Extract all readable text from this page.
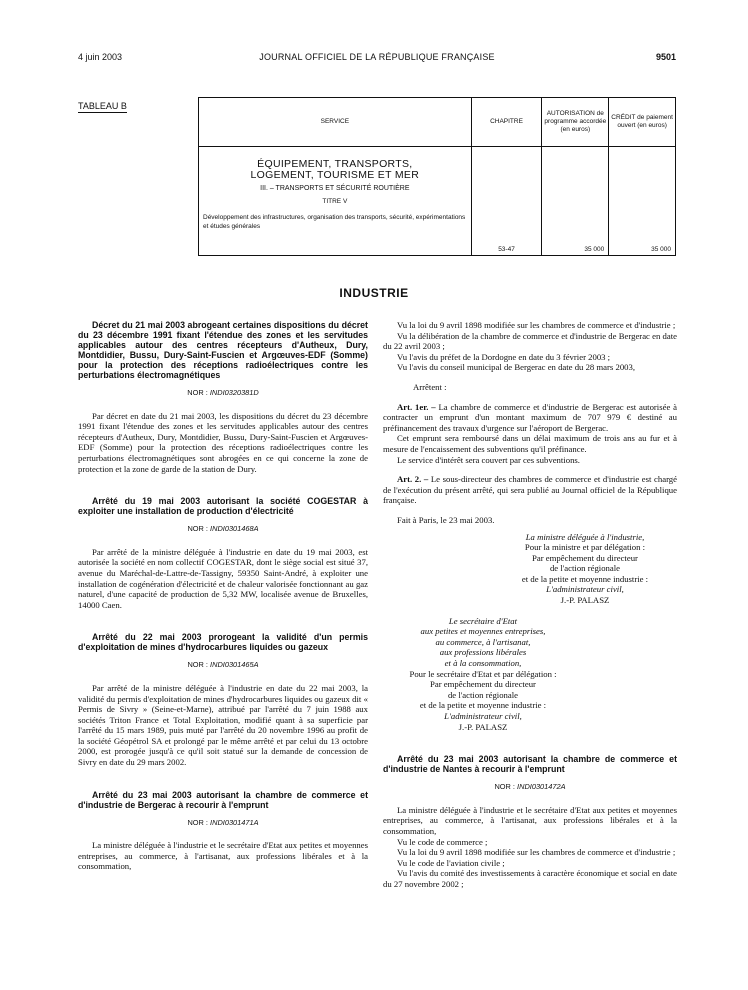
4 juin 2003	JOURNAL OFFICIEL DE LA RÉPUBLIQUE FRANÇAISE	9501
TABLEAU B
SERVICE	CHAPITRE	AUTORISATION de programme accordée (en euros)	CRÉDIT de paiement ouvert (en euros)

ÉQUIPEMENT, TRANSPORTS,
LOGEMENT, TOURISME ET MER
III. – TRANSPORTS ET SÉCURITÉ ROUTIÈRE
TITRE V
Développement des infrastructures, organisation des transports, sécurité, expérimentations et études générales	53-47	35 000	35 000
INDUSTRIE

Décret du 21 mai 2003 abrogeant certaines dispositions du décret du 23 décembre 1991 fixant l'étendue des zones et les servitudes applicables autour des centres récepteurs d'Autheux, Dury, Montdidier, Bussu, Dury-Saint-Fuscien et Argœuves-EDF (Somme) pour la protection des réceptions radioélectriques contre les perturbations électromagnétiques

NOR : INDI0320381D

Par décret en date du 21 mai 2003, les dispositions du décret du 23 décembre 1991 fixant l'étendue des zones et les servitudes applicables autour des centres récepteurs d'Autheux, Dury, Montdidier, Bussu, Dury-Saint-Fuscien et Argœuves-EDF (Somme) pour la protection des réceptions radioélectriques contre les perturbations électromagnétiques sont abrogées en ce qui concerne la zone de protection et la zone de garde de la station de Dury.

Arrêté du 19 mai 2003 autorisant la société COGESTAR à exploiter une installation de production d'électricité

NOR : INDI0301468A

Par arrêté de la ministre déléguée à l'industrie en date du 19 mai 2003, est autorisée la société en nom collectif COGESTAR, dont le siège social est situé 37, avenue du Maréchal-de-Lattre-de-Tassigny, 59350 Saint-André, à exploiter une installation de cogénération d'électricité et de chaleur valorisée fonctionnant au gaz naturel, d'une capacité de production de 5,32 MW, localisée avenue de Bruxelles, 14000 Caen.

Arrêté du 22 mai 2003 prorogeant la validité d'un permis d'exploitation de mines d'hydrocarbures liquides ou gazeux

NOR : INDI0301465A

Par arrêté de la ministre déléguée à l'industrie en date du 22 mai 2003, la validité du permis d'exploitation de mines d'hydrocarbures liquides ou gazeux dit « Permis de Sivry » (Seine-et-Marne), attribué par l'arrêté du 7 juin 1988 aux sociétés Triton France et Total Exploitation, modifié quant à sa superficie par l'arrêté du 15 mars 1989, puis muté par l'arrêté du 20 novembre 1996 au profit de la société Géopétrol SA et prolongé par le même arrêté et par celui du 13 octobre 2000, est prorogée jusqu'à ce qu'il soit statué sur la demande de concession de Sivry en date du 29 mars 2002.

Arrêté du 23 mai 2003 autorisant la chambre de commerce et d'industrie de Bergerac à recourir à l'emprunt

NOR : INDI0301471A

La ministre déléguée à l'industrie et le secrétaire d'Etat aux petites et moyennes entreprises, au commerce, à l'artisanat, aux professions libérales et à la consommation,

Vu la loi du 9 avril 1898 modifiée sur les chambres de commerce et d'industrie ;

Vu la délibération de la chambre de commerce et d'industrie de Bergerac en date du 22 avril 2003 ;

Vu l'avis du préfet de la Dordogne en date du 3 février 2003 ;

Vu l'avis du conseil municipal de Bergerac en date du 28 mars 2003,

Arrêtent :

Art. 1er. – La chambre de commerce et d'industrie de Bergerac est autorisée à contracter un emprunt d'un montant maximum de 707 979 € destiné au préfinancement des travaux d'urgence sur l'aéroport de Bergerac.

Cet emprunt sera remboursé dans un délai maximum de trois ans au fur et à mesure de l'encaissement des subventions qu'il préfinance.

Le service d'intérêt sera couvert par ces subventions.

Art. 2. – Le sous-directeur des chambres de commerce et d'industrie est chargé de l'exécution du présent arrêté, qui sera publié au Journal officiel de la République française.

Fait à Paris, le 23 mai 2003.

La ministre déléguée à l'industrie,
Pour la ministre et par délégation :
Par empêchement du directeur
de l'action régionale
et de la petite et moyenne industrie :
L'administrateur civil,
J.-P. PALASZ
Le secrétaire d'Etat
aux petites et moyennes entreprises,
au commerce, à l'artisanat,
aux professions libérales
et à la consommation,
Pour le secrétaire d'Etat et par délégation :
Par empêchement du directeur
de l'action régionale
et de la petite et moyenne industrie :
L'administrateur civil,
J.-P. PALASZ

Arrêté du 23 mai 2003 autorisant la chambre de commerce et d'industrie de Nantes à recourir à l'emprunt

NOR : INDI0301472A

La ministre déléguée à l'industrie et le secrétaire d'Etat aux petites et moyennes entreprises, au commerce, à l'artisanat, aux professions libérales et à la consommation,

Vu le code de commerce ;

Vu la loi du 9 avril 1898 modifiée sur les chambres de commerce et d'industrie ;

Vu le code de l'aviation civile ;

Vu l'avis du comité des investissements à caractère économique et social en date du 27 novembre 2002 ;
